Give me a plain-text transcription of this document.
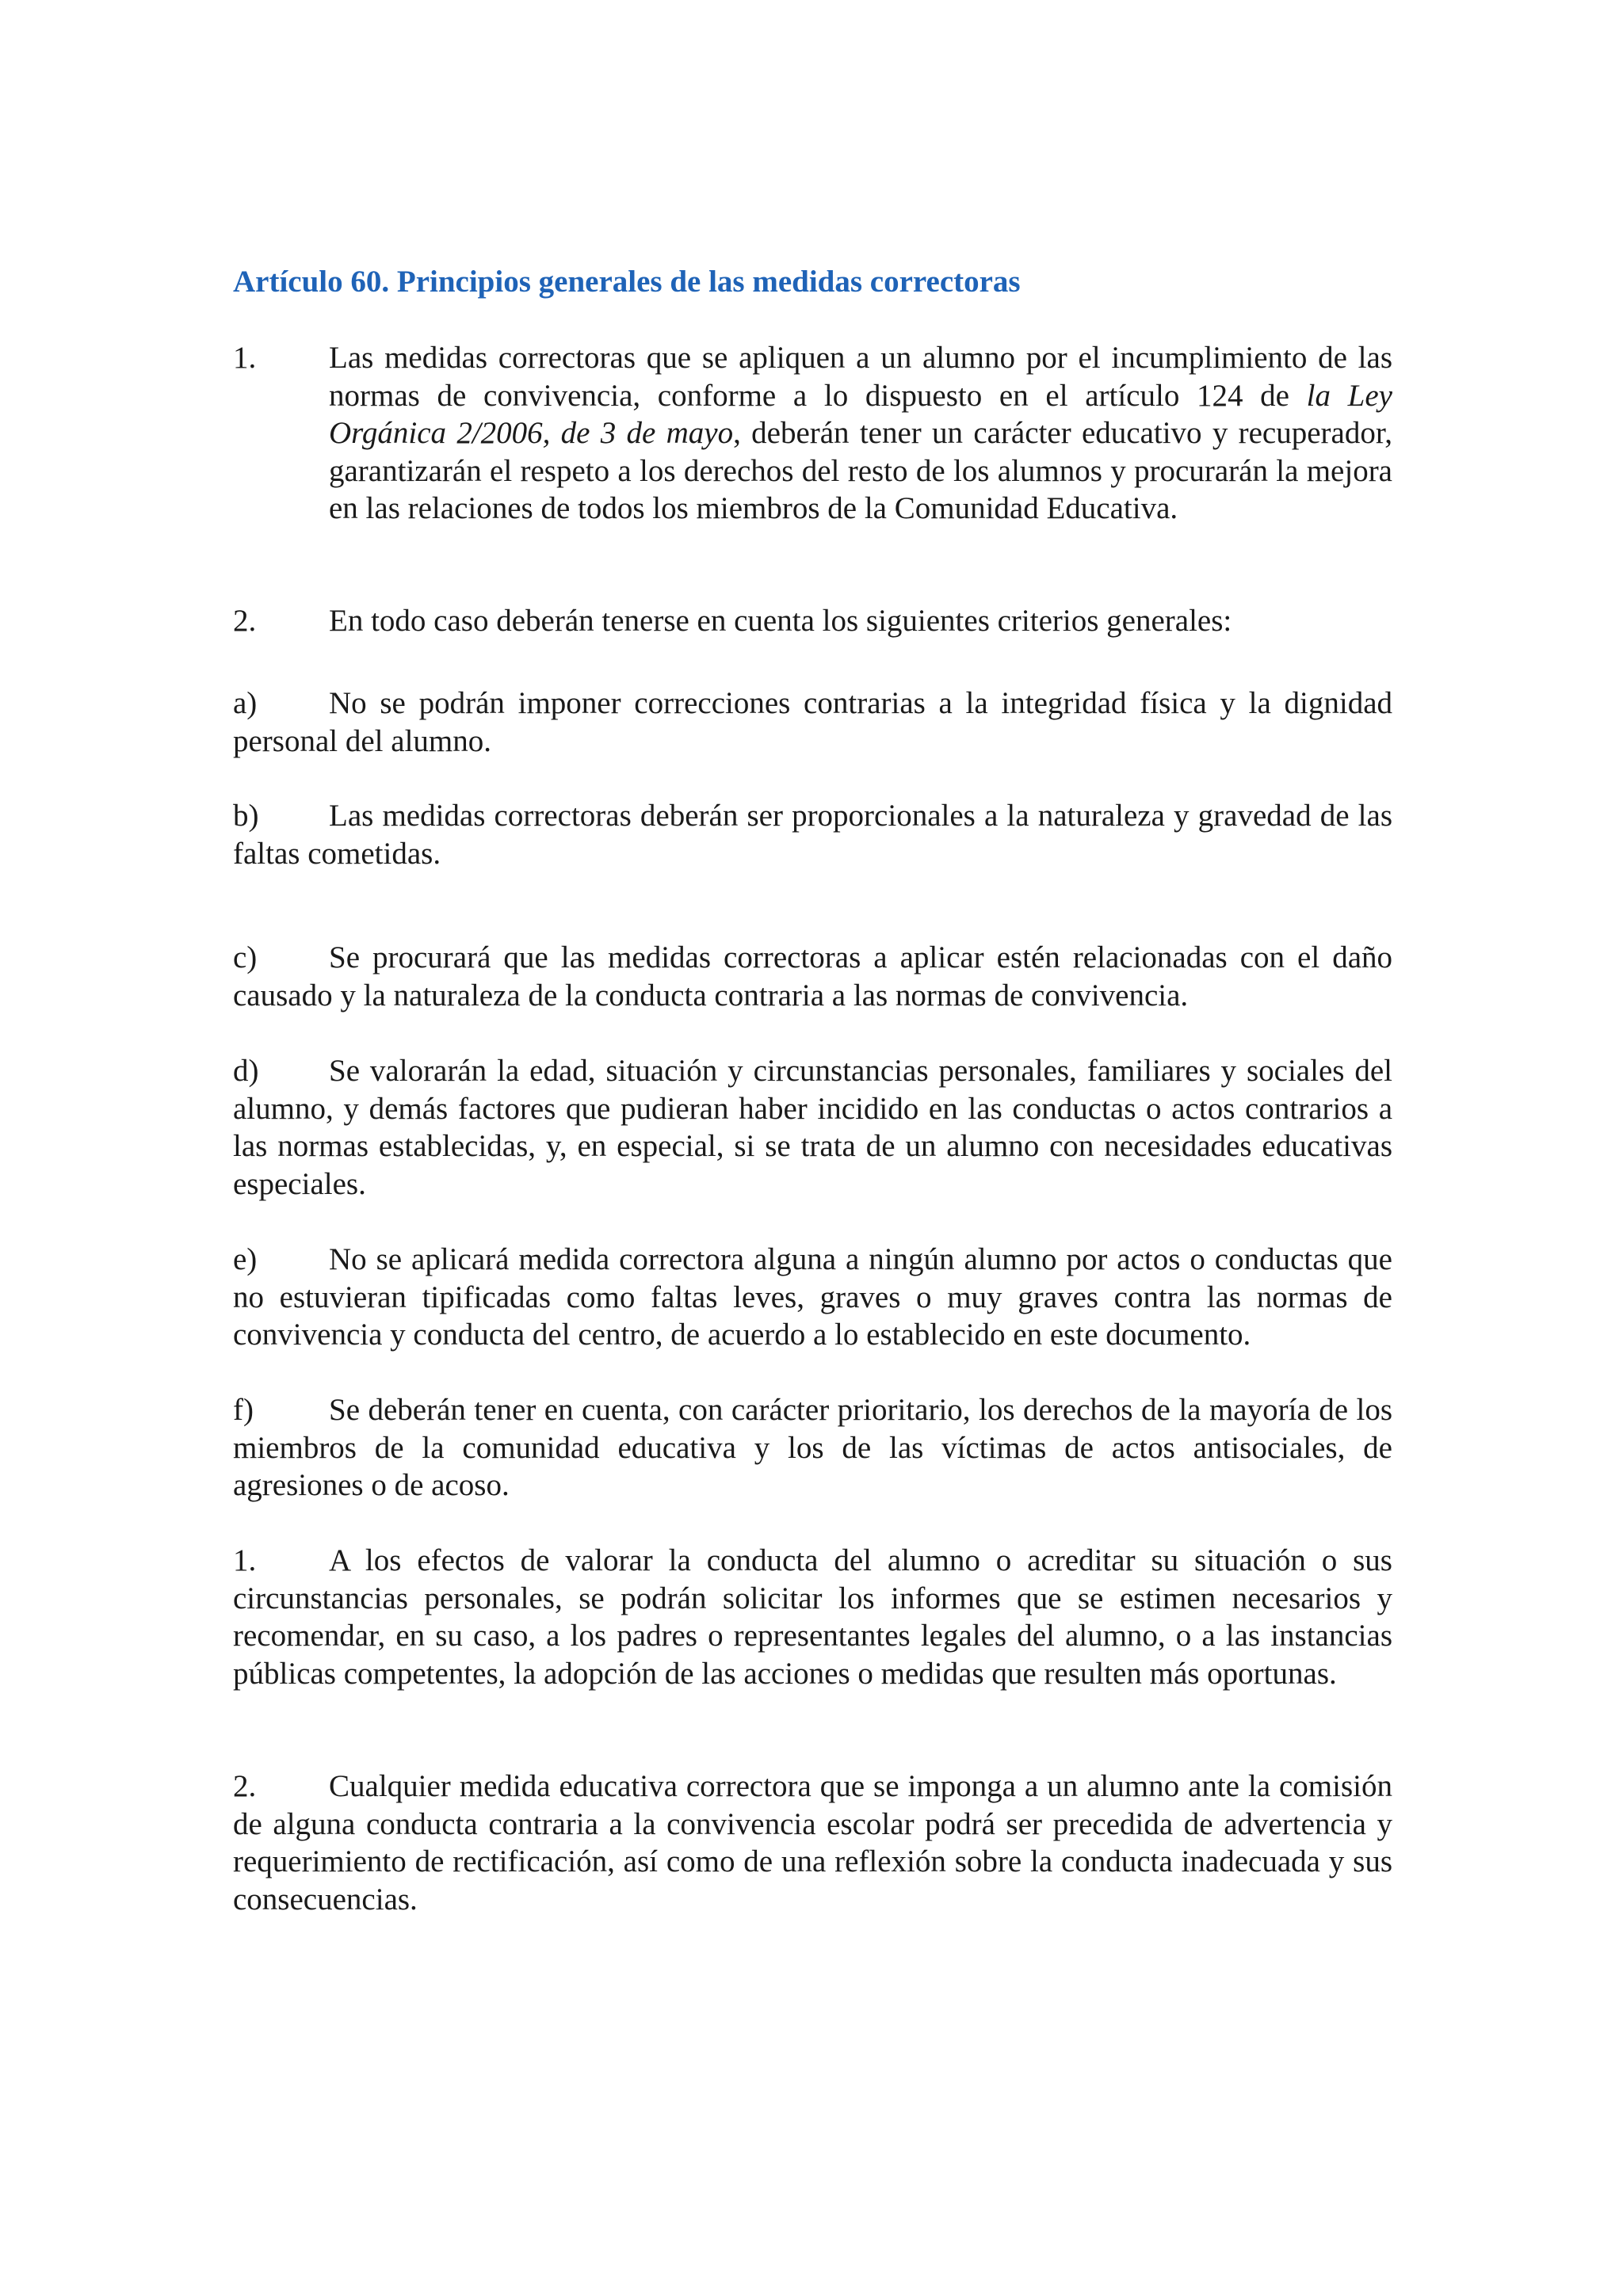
Artículo 60. Principios generales de las medidas correctoras
1.	Las medidas correctoras que se apliquen a un alumno por el incumplimiento de las normas de convivencia, conforme a lo dispuesto en el artículo 124 de la Ley Orgánica 2/2006, de 3 de mayo, deberán tener un carácter educativo y recuperador, garantizarán el respeto a los derechos del resto de los alumnos y procurarán la mejora en las relaciones de todos los miembros de la Comunidad Educativa.
2.	En todo caso deberán tenerse en cuenta los siguientes criterios generales:

a) No se podrán imponer correcciones contrarias a la integridad física y la dignidad personal del alumno.

b) Las medidas correctoras deberán ser proporcionales a la naturaleza y gravedad de las faltas cometidas.

c) Se procurará que las medidas correctoras a aplicar estén relacionadas con el daño causado y la naturaleza de la conducta contraria a las normas de convivencia.

d) Se valorarán la edad, situación y circunstancias personales, familiares y sociales del alumno, y demás factores que pudieran haber incidido en las conductas o actos contrarios a las normas establecidas, y, en especial, si se trata de un alumno con necesidades educativas especiales.

e) No se aplicará medida correctora alguna a ningún alumno por actos o conductas que no estuvieran tipificadas como faltas leves, graves o muy graves contra las normas de convivencia y conducta del centro, de acuerdo a lo establecido en este documento.

f) Se deberán tener en cuenta, con carácter prioritario, los derechos de la mayoría de los miembros de la comunidad educativa y los de las víctimas de actos antisociales, de agresiones o de acoso.

1. A los efectos de valorar la conducta del alumno o acreditar su situación o sus circunstancias personales, se podrán solicitar los informes que se estimen necesarios y recomendar, en su caso, a los padres o representantes legales del alumno, o a las instancias públicas competentes, la adopción de las acciones o medidas que resulten más oportunas.

2. Cualquier medida educativa correctora que se imponga a un alumno ante la comisión de alguna conducta contraria a la convivencia escolar podrá ser precedida de advertencia y requerimiento de rectificación, así como de una reflexión sobre la conducta inadecuada y sus consecuencias.
